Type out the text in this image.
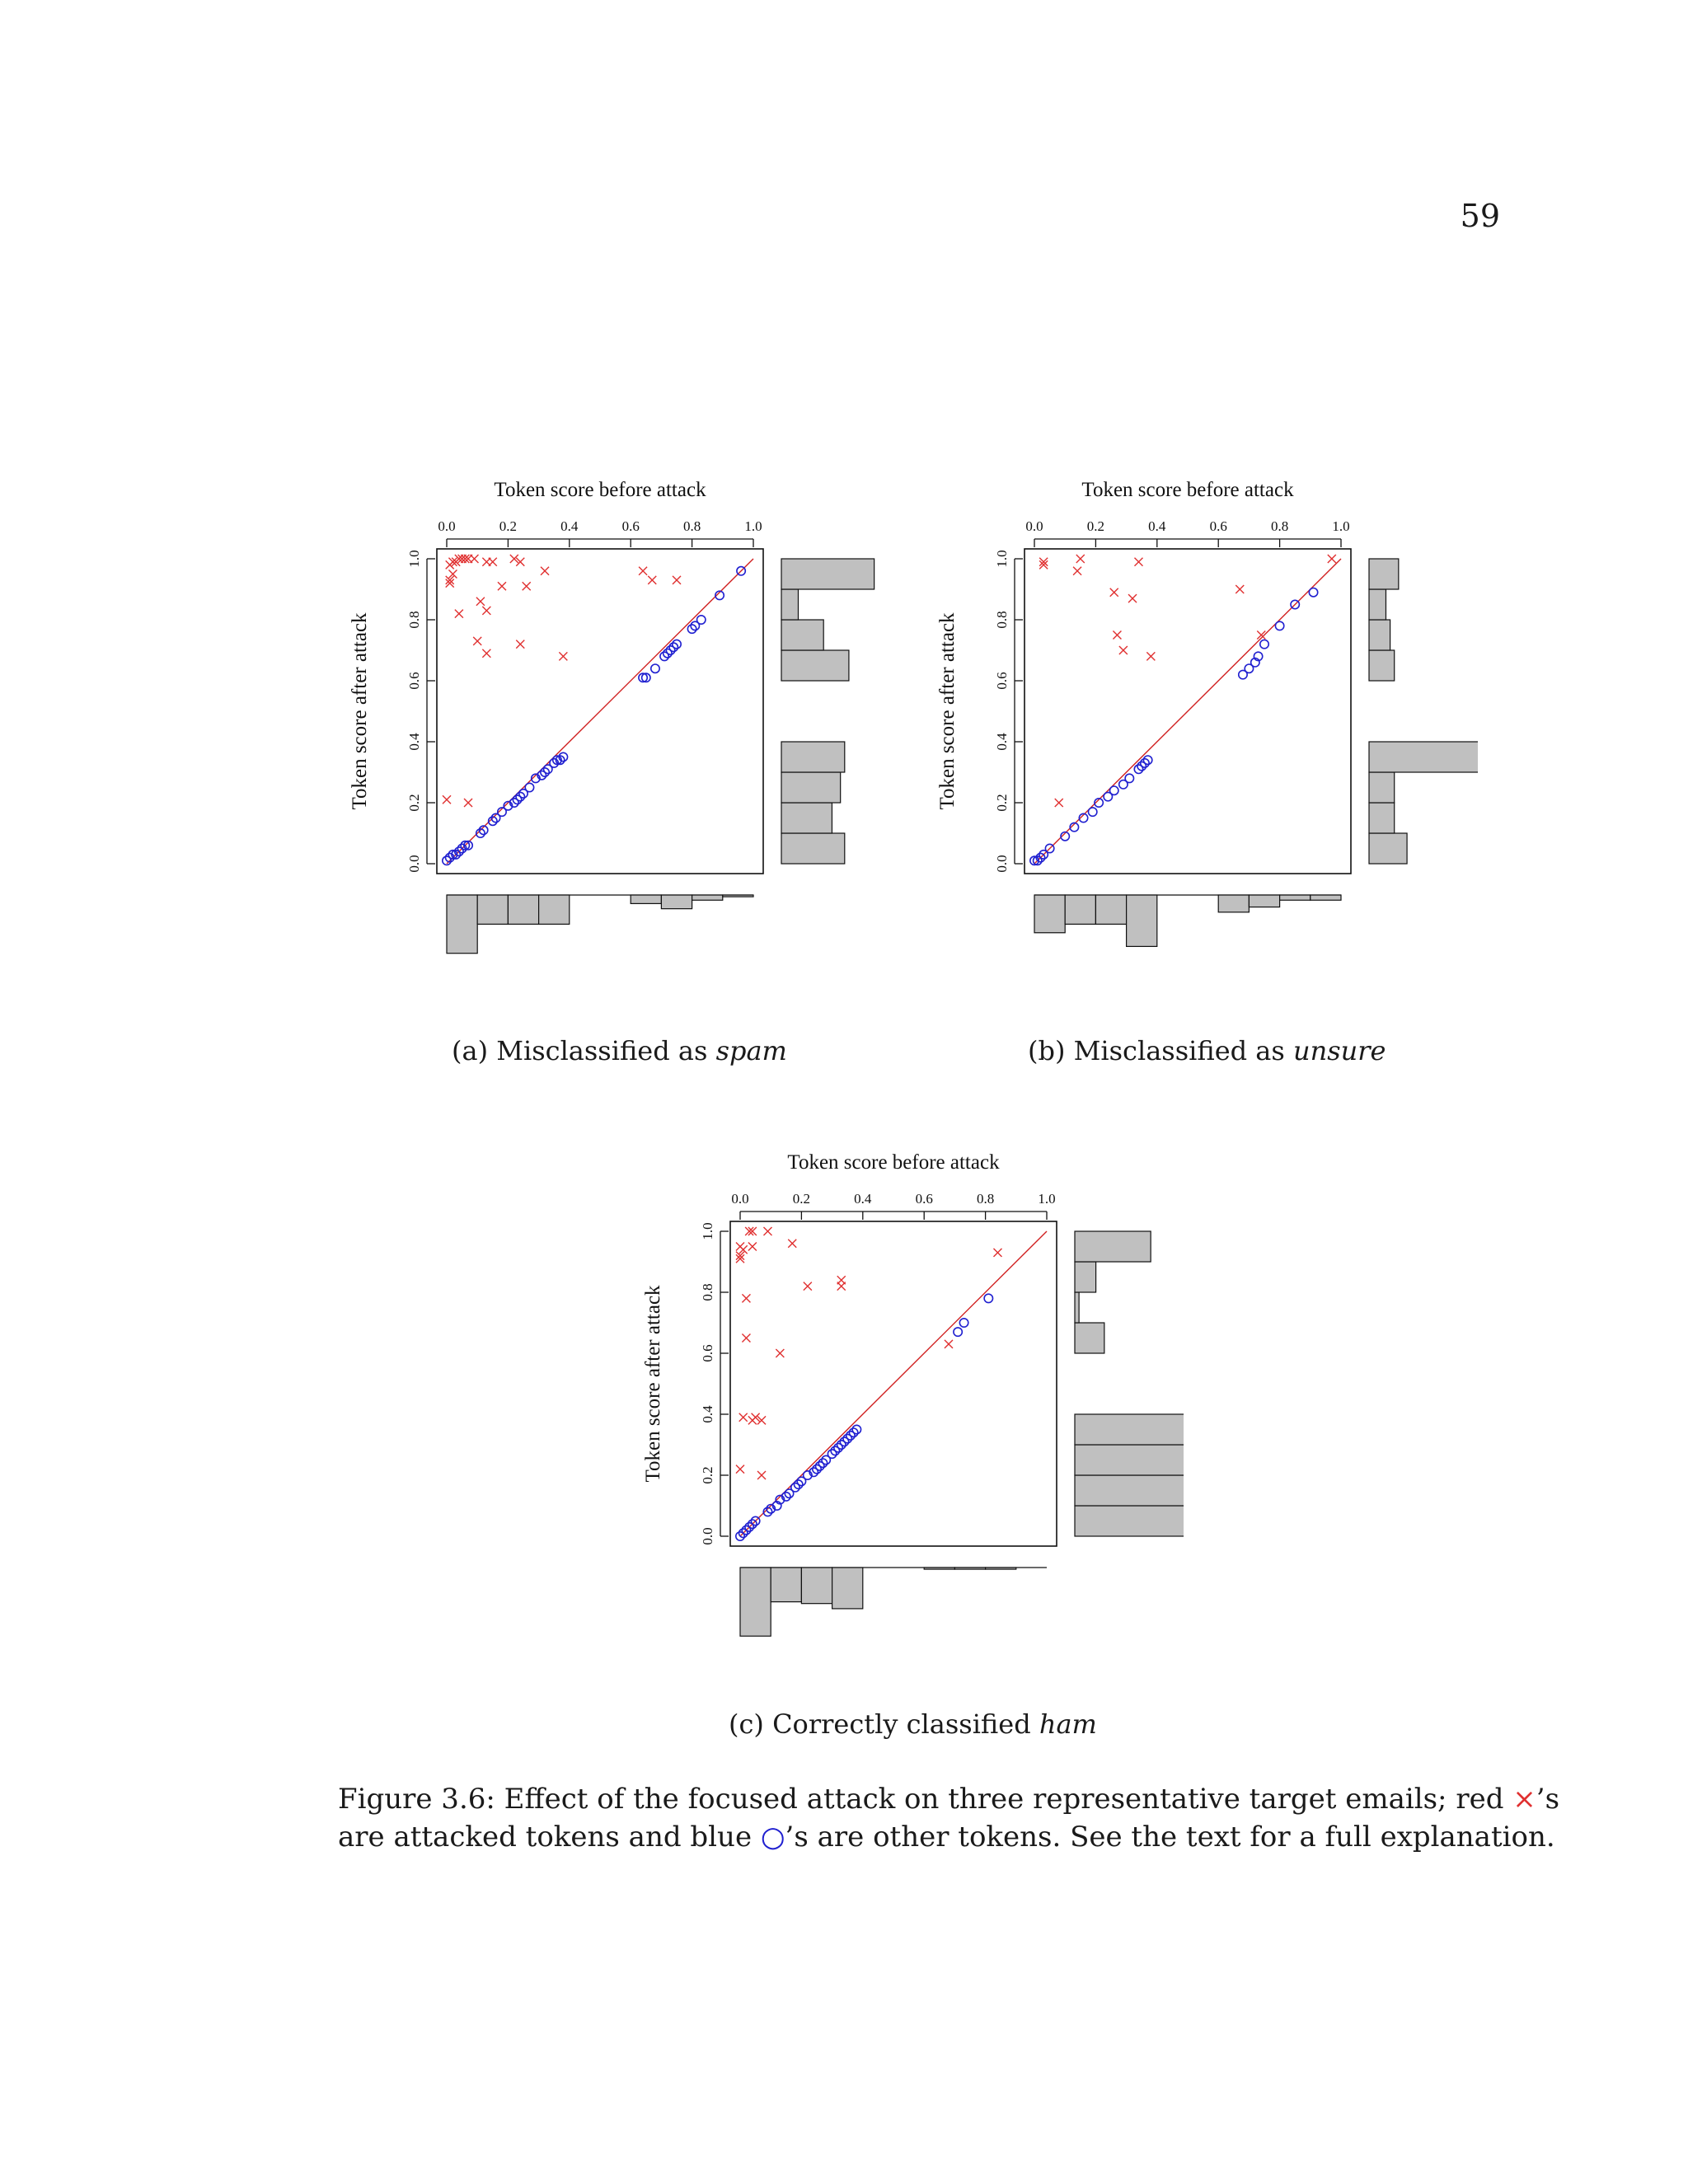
59
Token score before attack
0.0	0.2	0.4	0.6	0.8	1.0
Token score after attack
0.0
0.2
0.4
0.6
0.8
1.0
Token score before attack
0.0	0.2	0.4	0.6	0.8	1.0
Token score after attack
0.0
0.2
0.4
0.6
0.8
1.0
Token score before attack
0.0	0.2	0.4	0.6	0.8	1.0
Token score after attack
0.0
0.2
0.4
0.6
0.8
1.0
(a) Misclassified as spam	(b) Misclassified as unsure
(c) Correctly classified ham
Figure 3.6: Effect of the focused attack on three representative target emails; red ×’s
are attacked tokens and blue ○’s are other tokens. See the text for a full explanation.
